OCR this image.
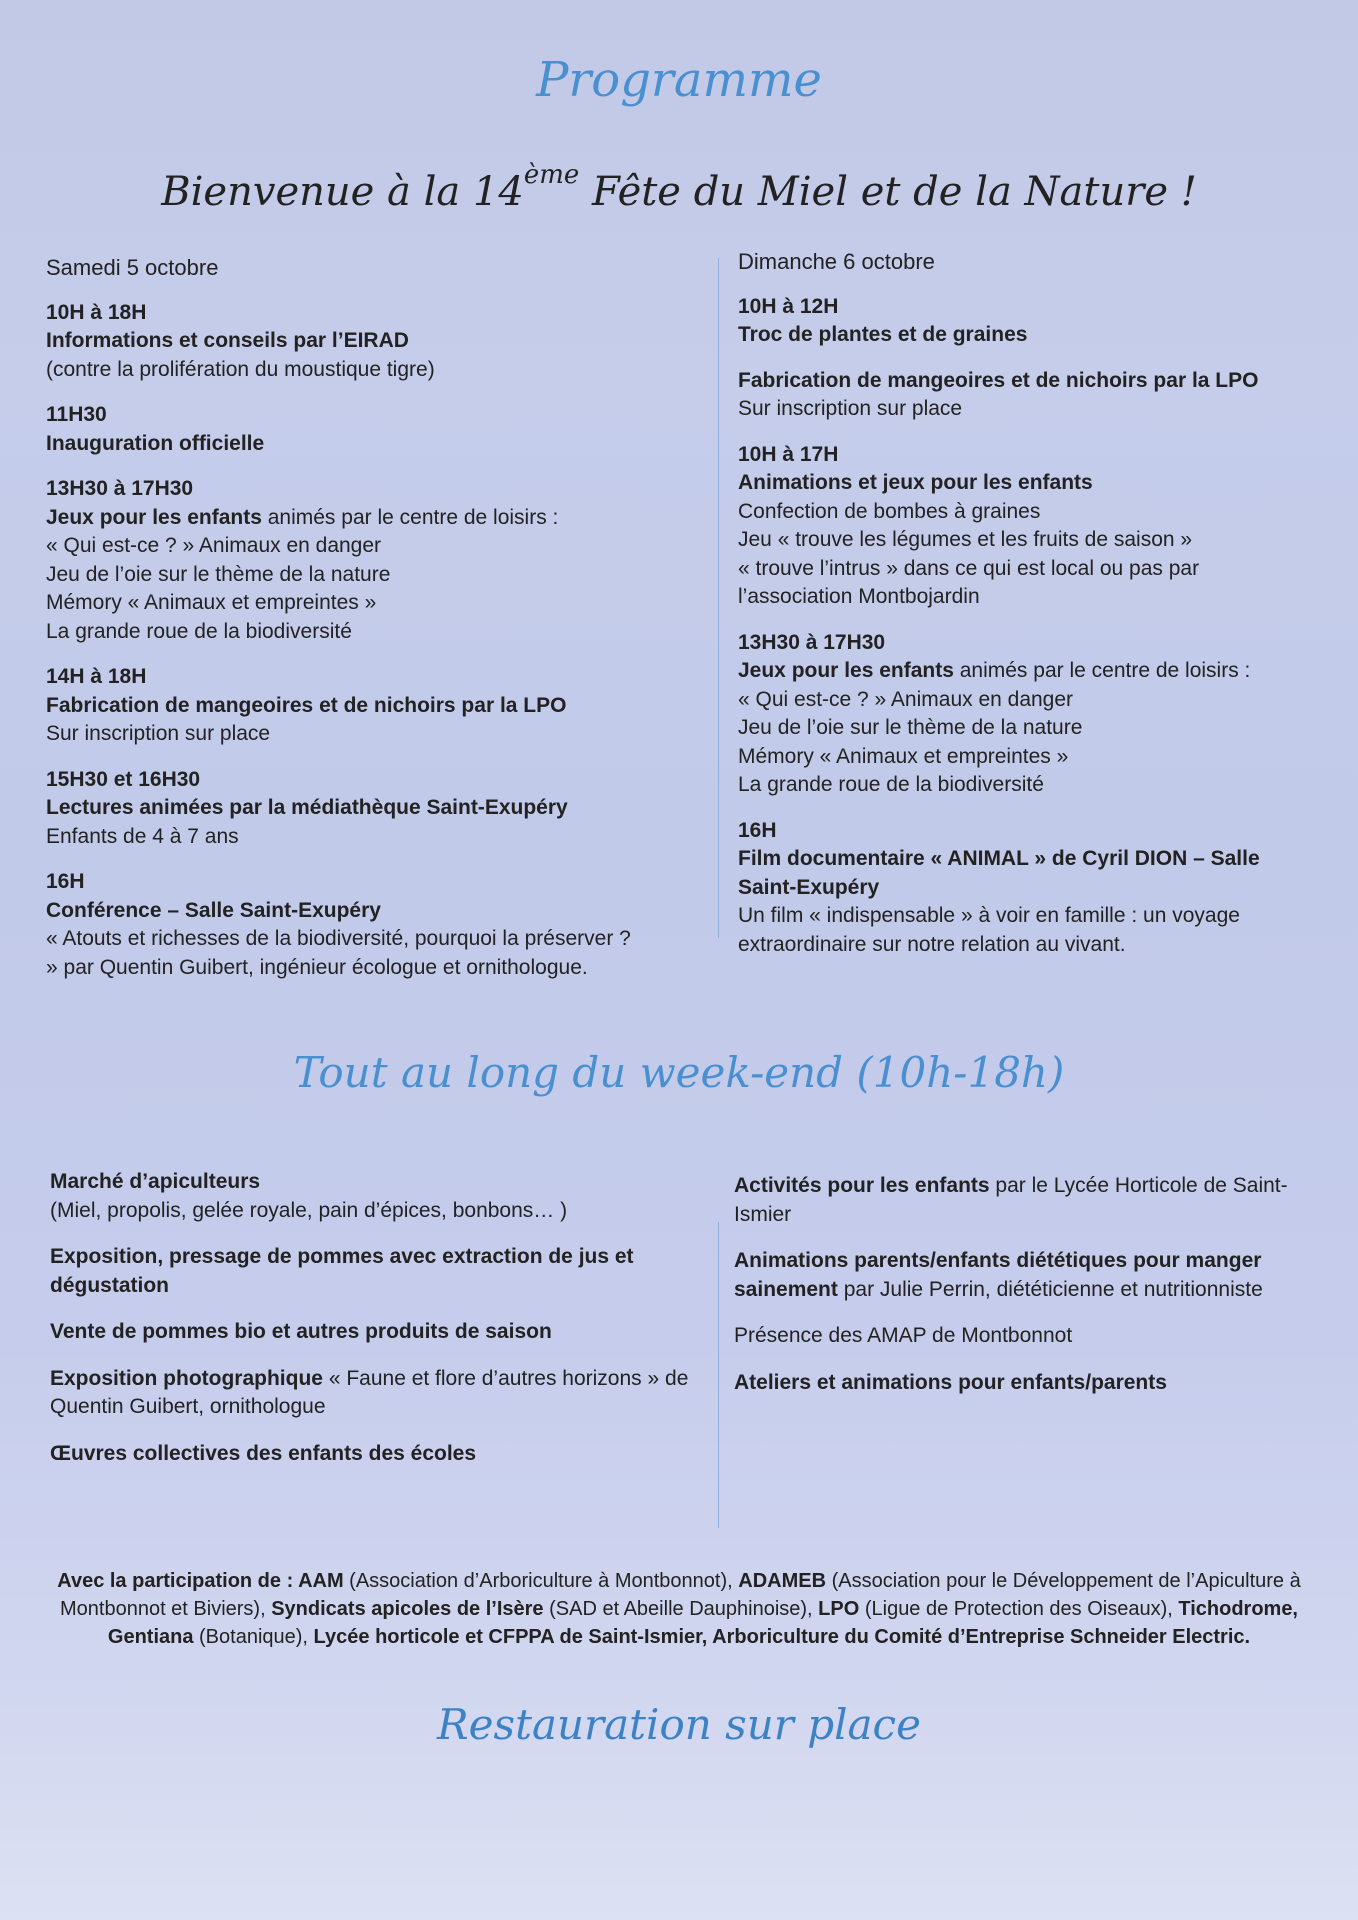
Programme
Bienvenue à la 14ème Fête du Miel et de la Nature !
Samedi 5 octobre
10H à 18H
Informations et conseils par l’EIRAD
(contre la prolifération du moustique tigre)
11H30
Inauguration officielle
13H30 à 17H30
Jeux pour les enfants animés par le centre de loisirs :
« Qui est-ce ? » Animaux en danger
Jeu de l’oie sur le thème de la nature
Mémory « Animaux et empreintes »
La grande roue de la biodiversité
14H à 18H
Fabrication de mangeoires et de nichoirs par la LPO
Sur inscription sur place
15H30 et 16H30
Lectures animées par la médiathèque Saint-Exupéry
Enfants de 4 à 7 ans
16H
Conférence – Salle Saint-Exupéry
« Atouts et richesses de la biodiversité, pourquoi la préserver ?
» par Quentin Guibert, ingénieur écologue et ornithologue.
Dimanche 6 octobre
10H à 12H
Troc de plantes et de graines
Fabrication de mangeoires et de nichoirs par la LPO
Sur inscription sur place
10H à 17H
Animations et jeux pour les enfants
Confection de bombes à graines
Jeu « trouve les légumes et les fruits de saison »
« trouve l’intrus » dans ce qui est local ou pas par
l’association Montbojardin
13H30 à 17H30
Jeux pour les enfants animés par le centre de loisirs :
« Qui est-ce ? » Animaux en danger
Jeu de l’oie sur le thème de la nature
Mémory « Animaux et empreintes »
La grande roue de la biodiversité
16H
Film documentaire « ANIMAL » de Cyril DION – Salle Saint-Exupéry
Un film « indispensable » à voir en famille : un voyage
extraordinaire sur notre relation au vivant.
Tout au long du week-end (10h-18h)
Marché d’apiculteurs
(Miel, propolis, gelée royale, pain d’épices, bonbons… )
Exposition, pressage de pommes avec extraction de jus et dégustation
Vente de pommes bio et autres produits de saison
Exposition photographique « Faune et flore d’autres horizons » de Quentin Guibert, ornithologue
Œuvres collectives des enfants des écoles
Activités pour les enfants par le Lycée Horticole de Saint-Ismier
Animations parents/enfants diététiques pour manger sainement par Julie Perrin, diététicienne et nutritionniste
Présence des AMAP de Montbonnot
Ateliers et animations pour enfants/parents
Avec la participation de : AAM (Association d’Arboriculture à Montbonnot), ADAMEB (Association pour le Développement de l’Apiculture à Montbonnot et Biviers), Syndicats apicoles de l’Isère (SAD et Abeille Dauphinoise), LPO (Ligue de Protection des Oiseaux), Tichodrome, Gentiana (Botanique), Lycée horticole et CFPPA de Saint-Ismier, Arboriculture du Comité d’Entreprise Schneider Electric.
Restauration sur place
